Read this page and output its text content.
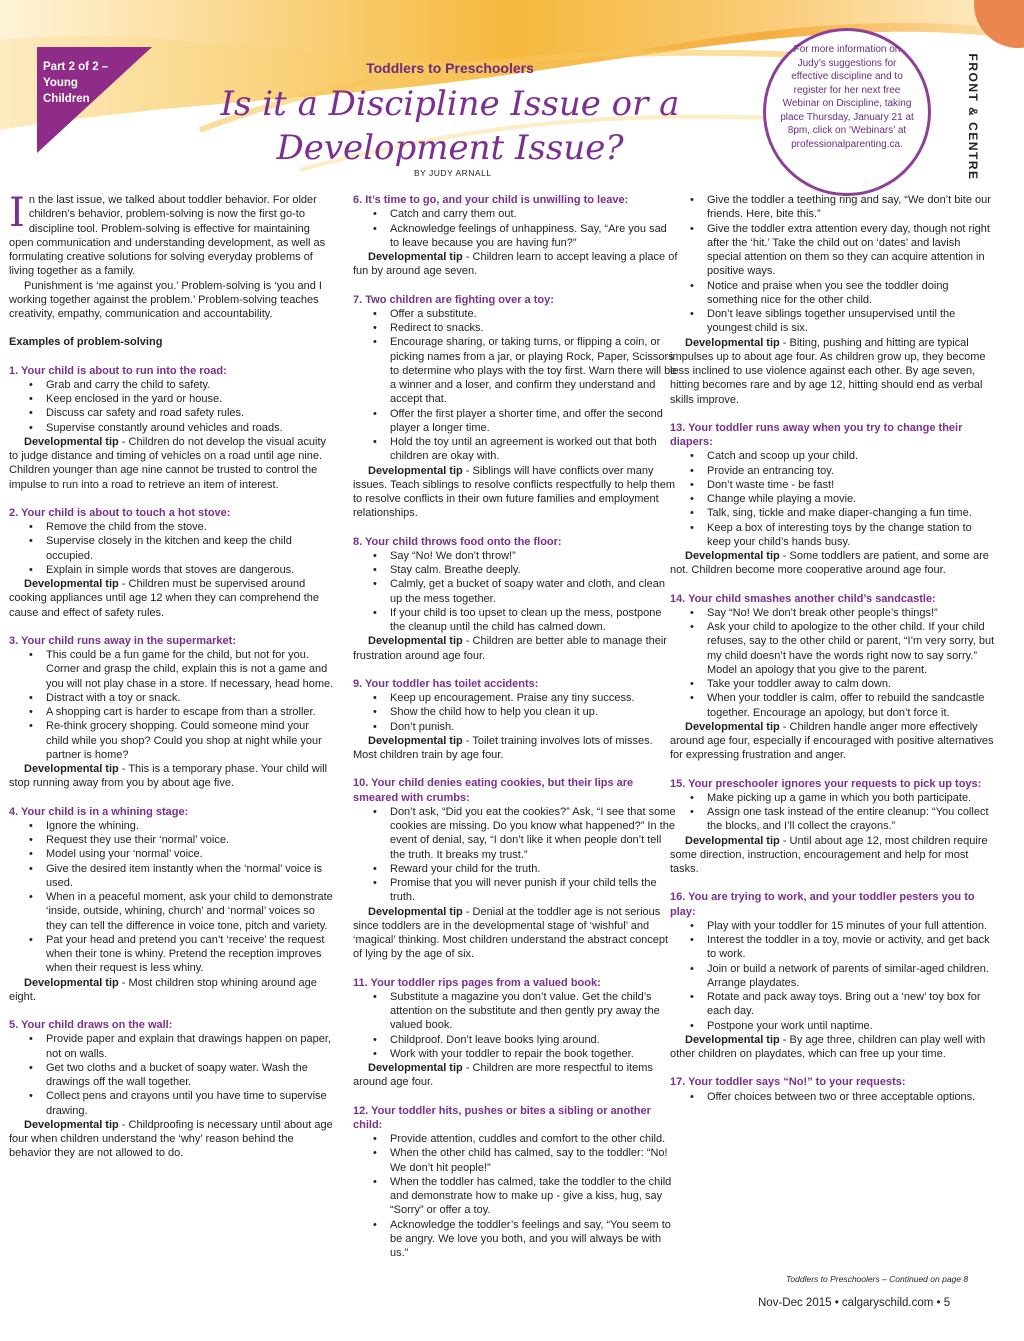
Part 2 of 2 – Young Children
Toddlers to Preschoolers
Is it a Discipline Issue or a Development Issue?
BY JUDY ARNALL
For more information on Judy’s suggestions for effective discipline and to register for her next free Webinar on Discipline, taking place Thursday, January 21 at 8pm, click on ‘Webinars’ at professionalparenting.ca.	FRONT & CENTRE

In the last issue, we talked about toddler behavior. For older children’s behavior, problem-solving is now the first go-to discipline tool. Problem-solving is effective for maintaining open communication and understanding development, as well as formulating creative solutions for solving everyday problems of living together as a family.

Punishment is ‘me against you.’ Problem-solving is ‘you and I working together against the problem.’ Problem-solving teaches creativity, empathy, communication and accountability.

Examples of problem-solving
1. Your child is about to run into the road:
• Grab and carry the child to safety.
• Keep enclosed in the yard or house.
• Discuss car safety and road safety rules.
• Supervise constantly around vehicles and roads.

Developmental tip - Children do not develop the visual acuity to judge distance and timing of vehicles on a road until age nine. Children younger than age nine cannot be trusted to control the impulse to run into a road to retrieve an item of interest.

2. Your child is about to touch a hot stove:
• Remove the child from the stove.
• Supervise closely in the kitchen and keep the child occupied.
• Explain in simple words that stoves are dangerous.

Developmental tip - Children must be supervised around cooking appliances until age 12 when they can comprehend the cause and effect of safety rules.

3. Your child runs away in the supermarket:
• This could be a fun game for the child, but not for you. Corner and grasp the child, explain this is not a game and you will not play chase in a store. If necessary, head home.
• Distract with a toy or snack.
• A shopping cart is harder to escape from than a stroller.
• Re-think grocery shopping. Could someone mind your child while you shop? Could you shop at night while your partner is home?

Developmental tip - This is a temporary phase. Your child will stop running away from you by about age five.

4. Your child is in a whining stage:
• Ignore the whining.
• Request they use their ‘normal’ voice.
• Model using your ‘normal’ voice.
• Give the desired item instantly when the ‘normal’ voice is used.
• When in a peaceful moment, ask your child to demonstrate ‘inside, outside, whining, church’ and ‘normal’ voices so they can tell the difference in voice tone, pitch and variety.
• Pat your head and pretend you can’t ‘receive’ the request when their tone is whiny. Pretend the reception improves when their request is less whiny.

Developmental tip - Most children stop whining around age eight.

5. Your child draws on the wall:
• Provide paper and explain that drawings happen on paper, not on walls.
• Get two cloths and a bucket of soapy water. Wash the drawings off the wall together.
• Collect pens and crayons until you have time to supervise drawing.

Developmental tip - Childproofing is necessary until about age four when children understand the ‘why’ reason behind the behavior they are not allowed to do.

6. It’s time to go, and your child is unwilling to leave:
• Catch and carry them out.
• Acknowledge feelings of unhappiness. Say, “Are you sad to leave because you are having fun?”

Developmental tip - Children learn to accept leaving a place of fun by around age seven.

7. Two children are fighting over a toy:
• Offer a substitute.
• Redirect to snacks.
• Encourage sharing, or taking turns, or flipping a coin, or picking names from a jar, or playing Rock, Paper, Scissors to determine who plays with the toy first. Warn there will be a winner and a loser, and confirm they understand and accept that.
• Offer the first player a shorter time, and offer the second player a longer time.
• Hold the toy until an agreement is worked out that both children are okay with.

Developmental tip - Siblings will have conflicts over many issues. Teach siblings to resolve conflicts respectfully to help them to resolve conflicts in their own future families and employment relationships.

8. Your child throws food onto the floor:
• Say “No! We don’t throw!”
• Stay calm. Breathe deeply.
• Calmly, get a bucket of soapy water and cloth, and clean up the mess together.
• If your child is too upset to clean up the mess, postpone the cleanup until the child has calmed down.

Developmental tip - Children are better able to manage their frustration around age four.

9. Your toddler has toilet accidents:
• Keep up encouragement. Praise any tiny success.
• Show the child how to help you clean it up.
• Don’t punish.

Developmental tip - Toilet training involves lots of misses. Most children train by age four.

10. Your child denies eating cookies, but their lips are smeared with crumbs:
• Don’t ask, “Did you eat the cookies?” Ask, “I see that some cookies are missing. Do you know what happened?” In the event of denial, say, “I don’t like it when people don’t tell the truth. It breaks my trust.”
• Reward your child for the truth.
• Promise that you will never punish if your child tells the truth.

Developmental tip - Denial at the toddler age is not serious since toddlers are in the developmental stage of ‘wishful’ and ‘magical’ thinking. Most children understand the abstract concept of lying by the age of six.

11. Your toddler rips pages from a valued book:
• Substitute a magazine you don’t value. Get the child’s attention on the substitute and then gently pry away the valued book.
• Childproof. Don’t leave books lying around.
• Work with your toddler to repair the book together.

Developmental tip - Children are more respectful to items around age four.

12. Your toddler hits, pushes or bites a sibling or another child:
• Provide attention, cuddles and comfort to the other child.
• When the other child has calmed, say to the toddler: “No! We don’t hit people!”
• When the toddler has calmed, take the toddler to the child and demonstrate how to make up - give a kiss, hug, say “Sorry” or offer a toy.
• Acknowledge the toddler’s feelings and say, “You seem to be angry. We love you both, and you will always be with us.”
• Give the toddler a teething ring and say, “We don’t bite our friends. Here, bite this.”
• Give the toddler extra attention every day, though not right after the ‘hit.’ Take the child out on ‘dates’ and lavish special attention on them so they can acquire attention in positive ways.
• Notice and praise when you see the toddler doing something nice for the other child.
• Don’t leave siblings together unsupervised until the youngest child is six.

Developmental tip - Biting, pushing and hitting are typical impulses up to about age four. As children grow up, they become less inclined to use violence against each other. By age seven, hitting becomes rare and by age 12, hitting should end as verbal skills improve.

13. Your toddler runs away when you try to change their diapers:
• Catch and scoop up your child.
• Provide an entrancing toy.
• Don’t waste time - be fast!
• Change while playing a movie.
• Talk, sing, tickle and make diaper-changing a fun time.
• Keep a box of interesting toys by the change station to keep your child’s hands busy.

Developmental tip - Some toddlers are patient, and some are not. Children become more cooperative around age four.

14. Your child smashes another child’s sandcastle:
• Say “No! We don’t break other people’s things!”
• Ask your child to apologize to the other child. If your child refuses, say to the other child or parent, “I’m very sorry, but my child doesn’t have the words right now to say sorry.” Model an apology that you give to the parent.
• Take your toddler away to calm down.
• When your toddler is calm, offer to rebuild the sandcastle together. Encourage an apology, but don’t force it.

Developmental tip - Children handle anger more effectively around age four, especially if encouraged with positive alternatives for expressing frustration and anger.

15. Your preschooler ignores your requests to pick up toys:
• Make picking up a game in which you both participate.
• Assign one task instead of the entire cleanup: “You collect the blocks, and I’ll collect the crayons.”

Developmental tip - Until about age 12, most children require some direction, instruction, encouragement and help for most tasks.

16. You are trying to work, and your toddler pesters you to play:
• Play with your toddler for 15 minutes of your full attention.
• Interest the toddler in a toy, movie or activity, and get back to work.
• Join or build a network of parents of similar-aged children. Arrange playdates.
• Rotate and pack away toys. Bring out a ‘new’ toy box for each day.
• Postpone your work until naptime.

Developmental tip - By age three, children can play well with other children on playdates, which can free up your time.

17. Your toddler says “No!” to your requests:
• Offer choices between two or three acceptable options.
Toddlers to Preschoolers – Continued on page 8
Nov-Dec 2015 • calgaryschild.com • 5
